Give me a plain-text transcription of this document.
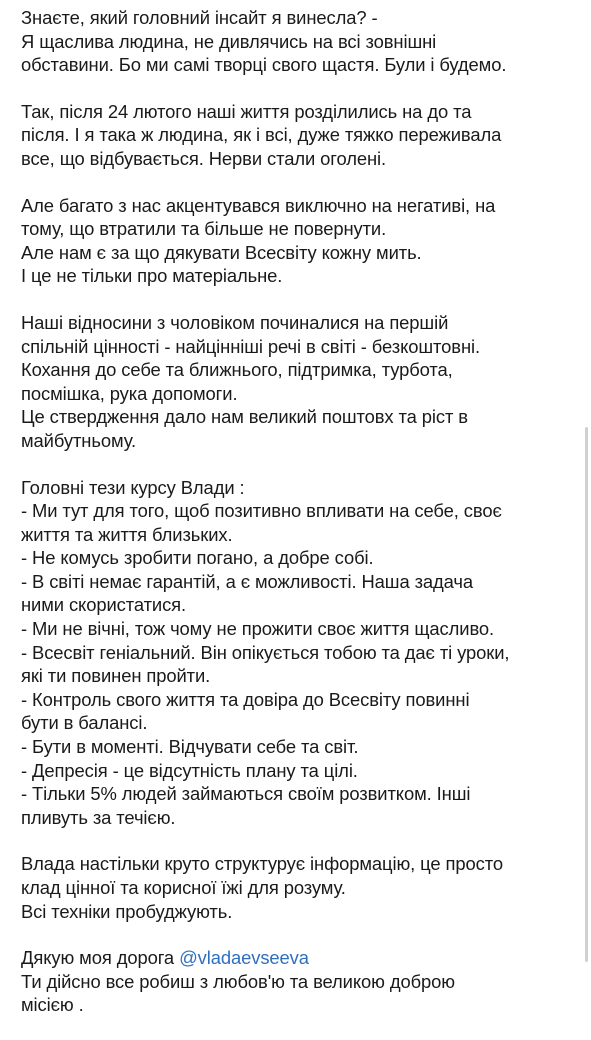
Знаєте, який головний інсайт я винесла? -
Я щаслива людина, не дивлячись на всі зовнішні
обставини. Бо ми самі творці свого щастя. Були і будемо.
Так, після 24 лютого наші життя розділились на до та
після. І я така ж людина, як і всі, дуже тяжко переживала
все, що відбувається. Нерви стали оголені.
Але багато з нас акцентувався виключно на негативі, на
тому, що втратили та більше не повернути.
Але нам є за що дякувати Всесвіту кожну мить.
І це не тільки про матеріальне.
Наші відносини з чоловіком починалися на першій
спільній цінності - найцінніші речі в світі - безкоштовні.
Кохання до себе та ближнього, підтримка, турбота,
посмішка, рука допомоги.
Це ствердження дало нам великий поштовх та ріст в
майбутньому.
Головні тези курсу Влади :
- Ми тут для того, щоб позитивно впливати на себе, своє
життя та життя близьких.
- Не комусь зробити погано, а добре собі.
- В світі немає гарантій, а є можливості. Наша задача
ними скористатися.
- Ми не вічні, тож чому не прожити своє життя щасливо.
- Всесвіт геніальний. Він опікується тобою та дає ті уроки,
які ти повинен пройти.
- Контроль свого життя та довіра до Всесвіту повинні
бути в балансі.
- Бути в моменті. Відчувати себе та світ.
- Депресія - це відсутність плану та цілі.
- Тільки 5% людей займаються своїм розвитком. Інші
пливуть за течією.
Влада настільки круто структурує інформацію, це просто
клад цінної та корисної їжі для розуму.
Всі техніки пробуджують.
Дякую моя дорога @vladaevseeva
Ти дійсно все робиш з любов'ю та великою доброю
місією .
